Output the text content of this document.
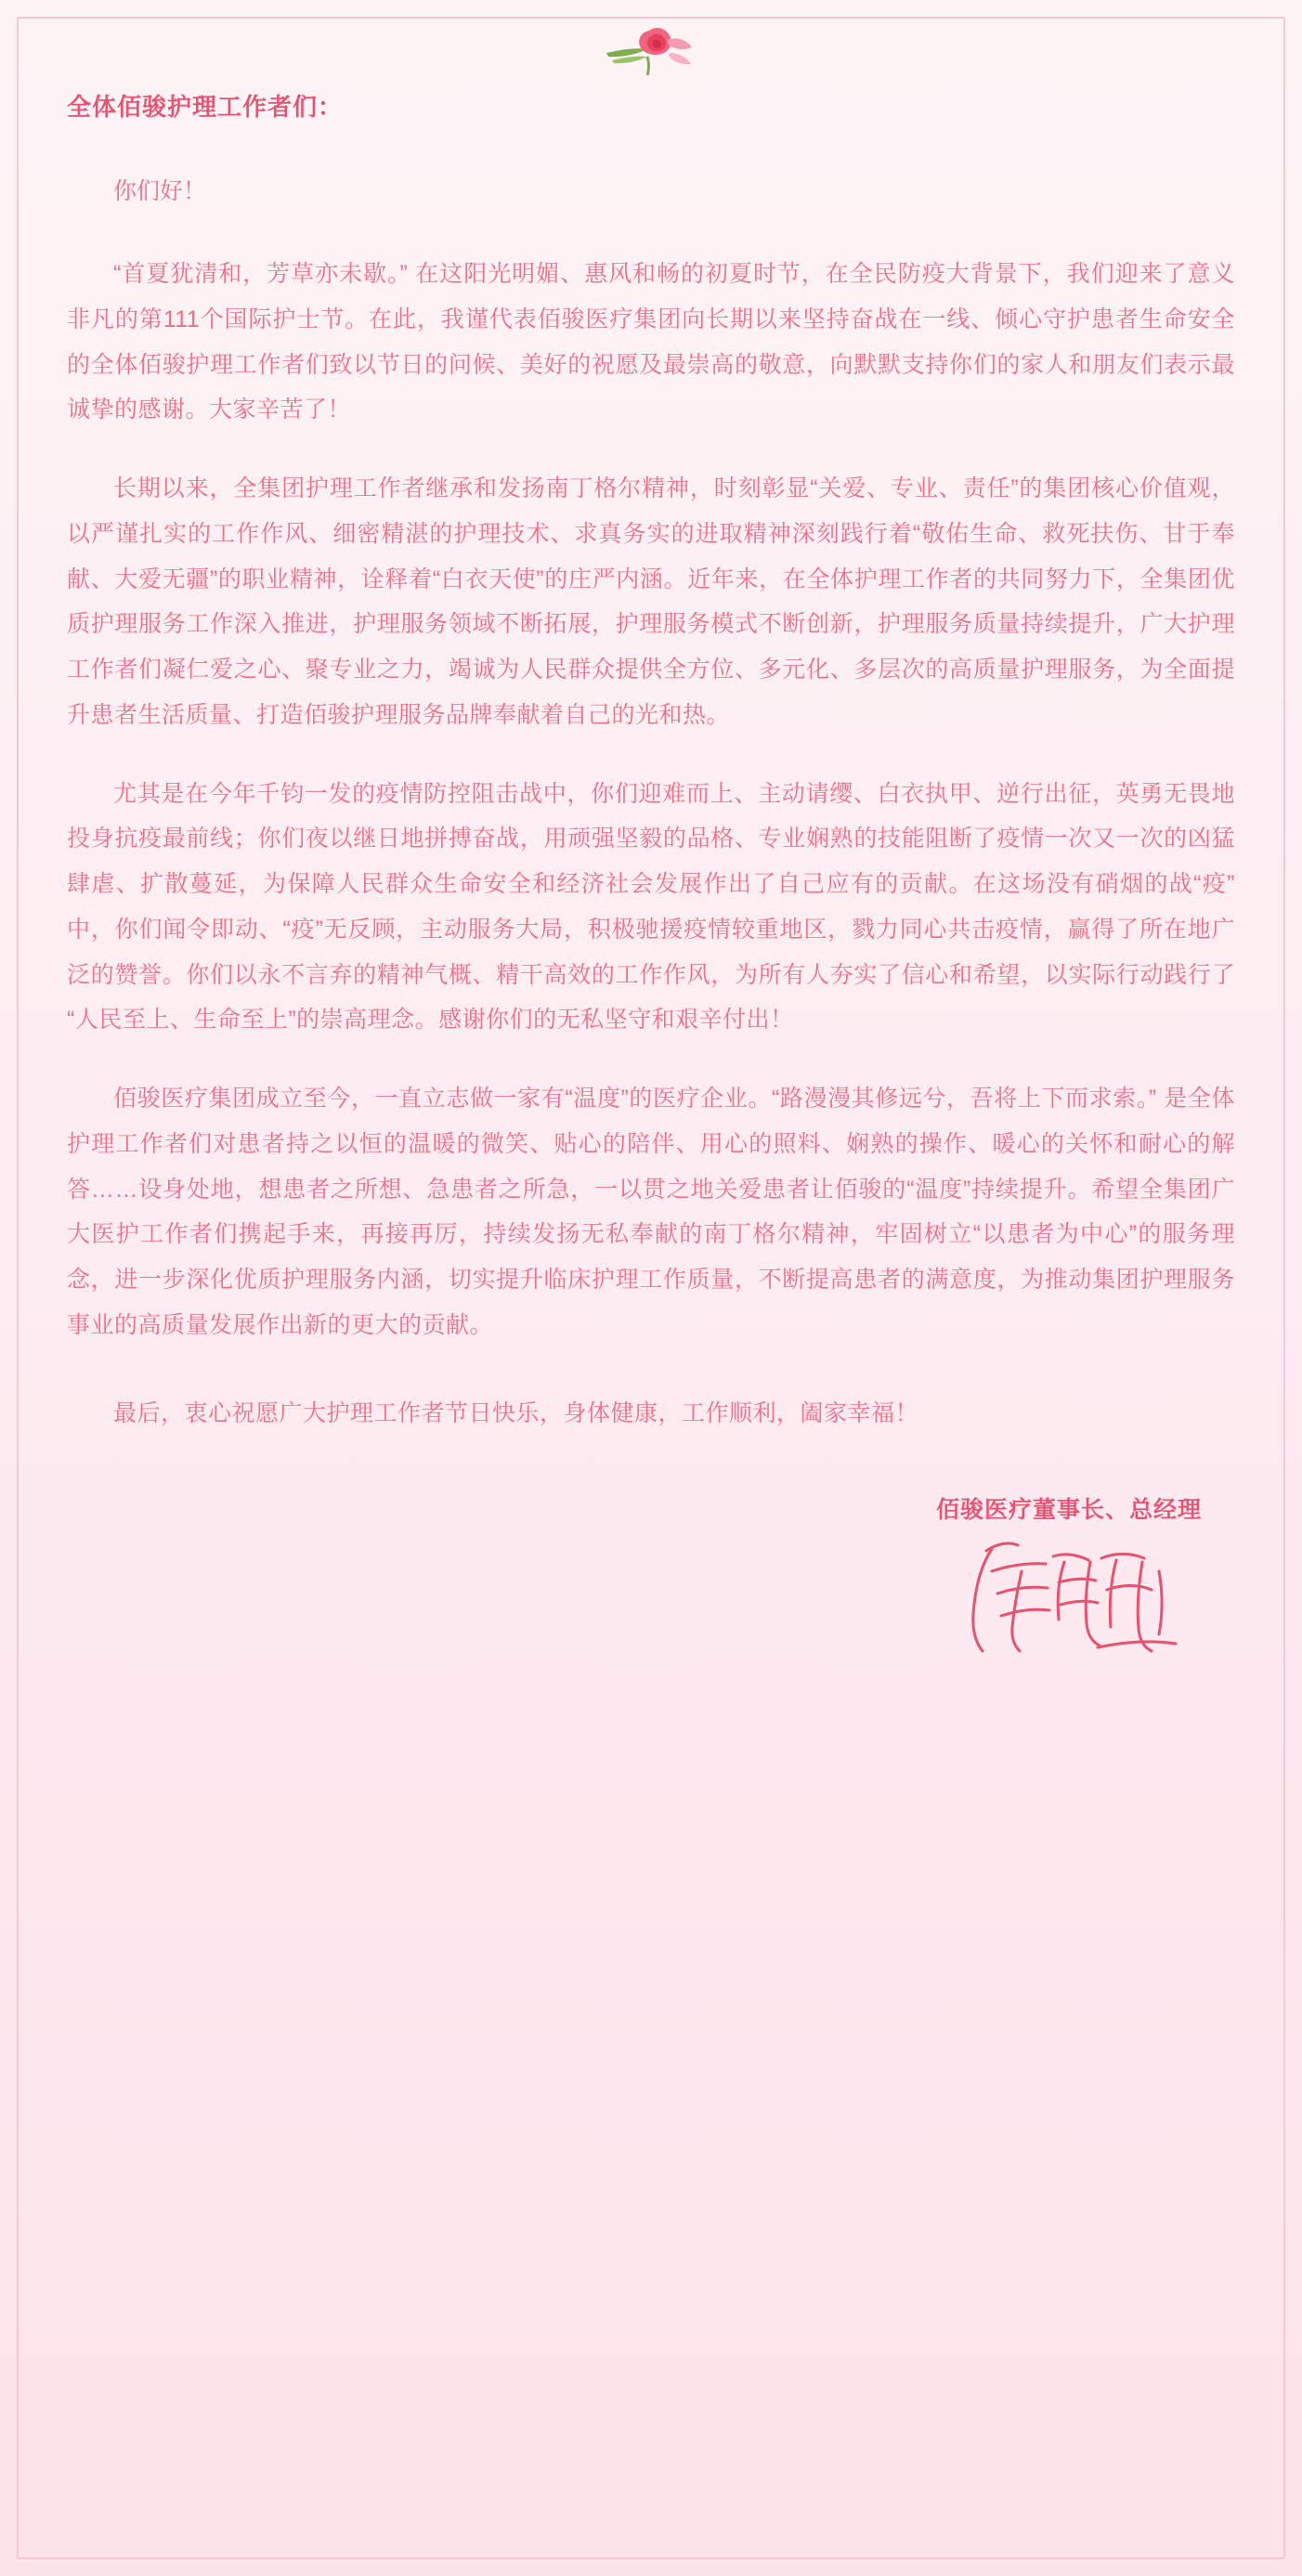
全体佰骏护理工作者们：
你们好！

“首夏犹清和，芳草亦未歇。” 在这阳光明媚、惠风和畅的初夏时节，在全民防疫大背景下，我们迎来了意义非凡的第111个国际护士节。在此，我谨代表佰骏医疗集团向长期以来坚持奋战在一线、倾心守护患者生命安全的全体佰骏护理工作者们致以节日的问候、美好的祝愿及最崇高的敬意，向默默支持你们的家人和朋友们表示最诚挚的感谢。大家辛苦了！

长期以来，全集团护理工作者继承和发扬南丁格尔精神，时刻彰显“关爱、专业、责任”的集团核心价值观，以严谨扎实的工作作风、细密精湛的护理技术、求真务实的进取精神深刻践行着“敬佑生命、救死扶伤、甘于奉献、大爱无疆”的职业精神，诠释着“白衣天使”的庄严内涵。近年来，在全体护理工作者的共同努力下，全集团优质护理服务工作深入推进，护理服务领域不断拓展，护理服务模式不断创新，护理服务质量持续提升，广大护理工作者们凝仁爱之心、聚专业之力，竭诚为人民群众提供全方位、多元化、多层次的高质量护理服务，为全面提升患者生活质量、打造佰骏护理服务品牌奉献着自己的光和热。

尤其是在今年千钧一发的疫情防控阻击战中，你们迎难而上、主动请缨、白衣执甲、逆行出征，英勇无畏地投身抗疫最前线；你们夜以继日地拼搏奋战，用顽强坚毅的品格、专业娴熟的技能阻断了疫情一次又一次的凶猛肆虐、扩散蔓延，为保障人民群众生命安全和经济社会发展作出了自己应有的贡献。在这场没有硝烟的战“疫”中，你们闻令即动、“疫”无反顾，主动服务大局，积极驰援疫情较重地区，戮力同心共击疫情，赢得了所在地广泛的赞誉。你们以永不言弃的精神气概、精干高效的工作作风，为所有人夯实了信心和希望，以实际行动践行了“人民至上、生命至上”的崇高理念。感谢你们的无私坚守和艰辛付出！

佰骏医疗集团成立至今，一直立志做一家有“温度”的医疗企业。“路漫漫其修远兮，吾将上下而求索。” 是全体护理工作者们对患者持之以恒的温暖的微笑、贴心的陪伴、用心的照料、娴熟的操作、暖心的关怀和耐心的解答……设身处地，想患者之所想、急患者之所急，一以贯之地关爱患者让佰骏的“温度”持续提升。希望全集团广大医护工作者们携起手来，再接再厉，持续发扬无私奉献的南丁格尔精神，牢固树立“以患者为中心”的服务理念，进一步深化优质护理服务内涵，切实提升临床护理工作质量，不断提高患者的满意度，为推动集团护理服务事业的高质量发展作出新的更大的贡献。

最后，衷心祝愿广大护理工作者节日快乐，身体健康，工作顺利，阖家幸福！

佰骏医疗董事长、总经理
